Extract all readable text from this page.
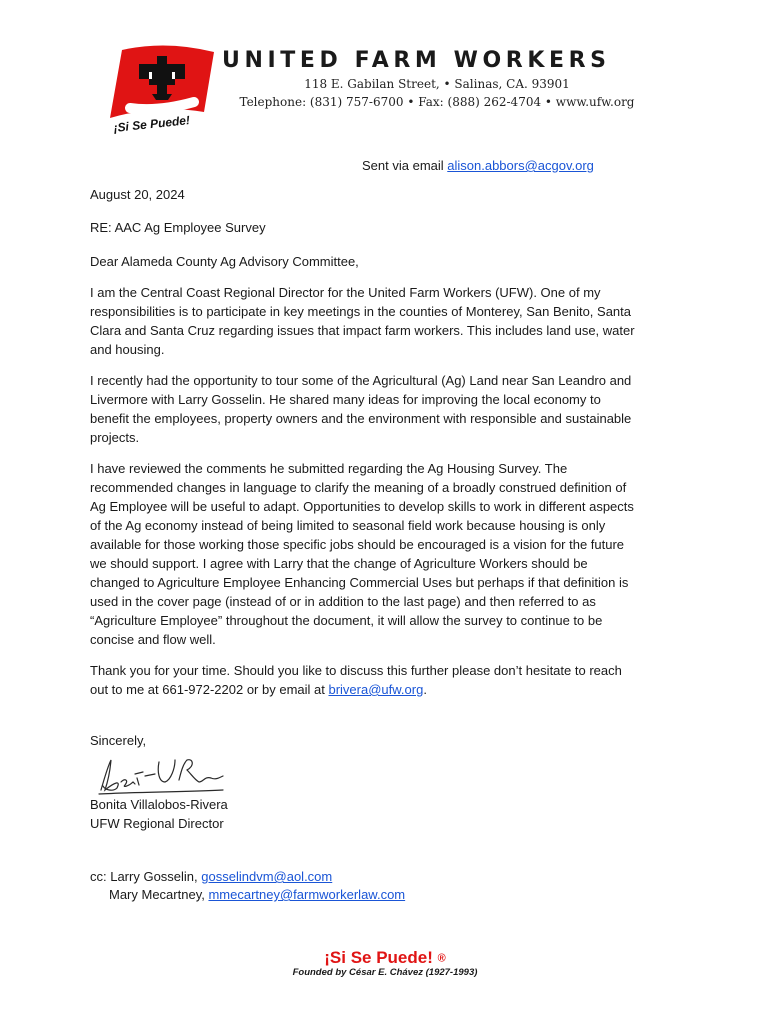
¡Si Se Puede!
UNITED FARM WORKERS
118 E. Gabilan Street, • Salinas, CA. 93901
Telephone: (831) 757-6700 • Fax: (888) 262-4704 • www.ufw.org
Sent via email alison.abbors@acgov.org
August 20, 2024
RE: AAC Ag Employee Survey
Dear Alameda County Ag Advisory Committee,
I am the Central Coast Regional Director for the United Farm Workers (UFW). One of my
responsibilities is to participate in key meetings in the counties of Monterey, San Benito, Santa
Clara and Santa Cruz regarding issues that impact farm workers. This includes land use, water
and housing.
I recently had the opportunity to tour some of the Agricultural (Ag) Land near San Leandro and
Livermore with Larry Gosselin. He shared many ideas for improving the local economy to
benefit the employees, property owners and the environment with responsible and sustainable
projects.
I have reviewed the comments he submitted regarding the Ag Housing Survey. The
recommended changes in language to clarify the meaning of a broadly construed definition of
Ag Employee will be useful to adapt. Opportunities to develop skills to work in different aspects
of the Ag economy instead of being limited to seasonal field work because housing is only
available for those working those specific jobs should be encouraged is a vision for the future
we should support. I agree with Larry that the change of Agriculture Workers should be
changed to Agriculture Employee Enhancing Commercial Uses but perhaps if that definition is
used in the cover page (instead of or in addition to the last page) and then referred to as
“Agriculture Employee” throughout the document, it will allow the survey to continue to be
concise and flow well.
Thank you for your time. Should you like to discuss this further please don’t hesitate to reach
out to me at 661-972-2202 or by email at brivera@ufw.org.
Sincerely,
Bonita Villalobos-Rivera
UFW Regional Director
cc: Larry Gosselin, gosselindvm@aol.com
Mary Mecartney, mmecartney@farmworkerlaw.com
¡Si Se Puede! ®
Founded by César E. Chávez (1927-1993)
